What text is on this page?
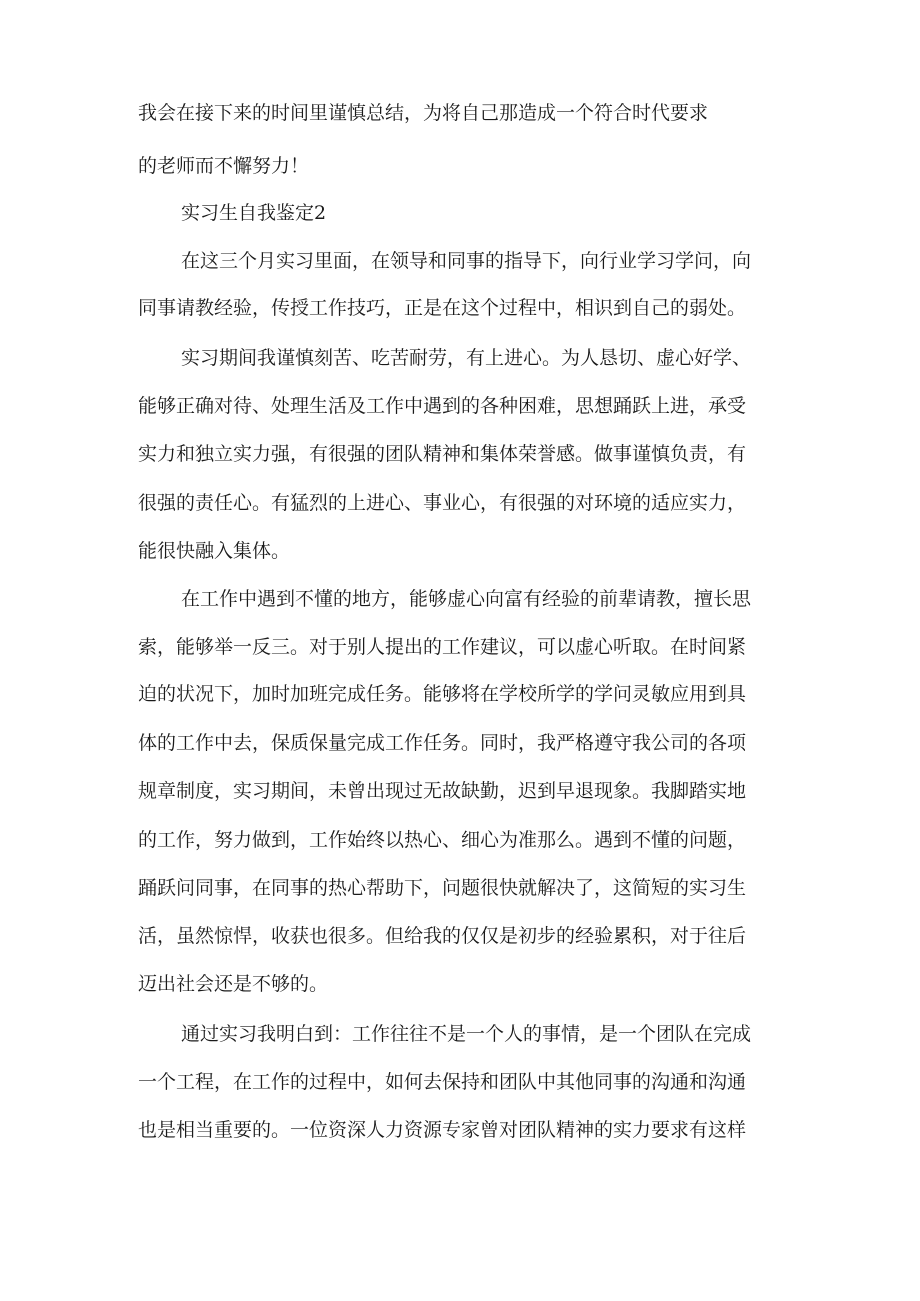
我会在接下来的时间里谨慎总结，为将自己那造成一个符合时代要求
的老师而不懈努力！
实习生自我鉴定2
在这三个月实习里面，在领导和同事的指导下，向行业学习学问，向
同事请教经验，传授工作技巧，正是在这个过程中，相识到自己的弱处。
实习期间我谨慎刻苦、吃苦耐劳，有上进心。为人恳切、虚心好学、
能够正确对待、处理生活及工作中遇到的各种困难，思想踊跃上进，承受
实力和独立实力强，有很强的团队精神和集体荣誉感。做事谨慎负责，有
很强的责任心。有猛烈的上进心、事业心，有很强的对环境的适应实力，
能很快融入集体。
在工作中遇到不懂的地方，能够虚心向富有经验的前辈请教，擅长思
索，能够举一反三。对于别人提出的工作建议，可以虚心听取。在时间紧
迫的状况下，加时加班完成任务。能够将在学校所学的学问灵敏应用到具
体的工作中去，保质保量完成工作任务。同时，我严格遵守我公司的各项
规章制度，实习期间，未曾出现过无故缺勤，迟到早退现象。我脚踏实地
的工作，努力做到，工作始终以热心、细心为准那么。遇到不懂的问题，
踊跃问同事，在同事的热心帮助下，问题很快就解决了，这简短的实习生
活，虽然惊悍，收获也很多。但给我的仅仅是初步的经验累积，对于往后
迈出社会还是不够的。
通过实习我明白到：工作往往不是一个人的事情，是一个团队在完成
一个工程，在工作的过程中，如何去保持和团队中其他同事的沟通和沟通
也是相当重要的。一位资深人力资源专家曾对团队精神的实力要求有这样
